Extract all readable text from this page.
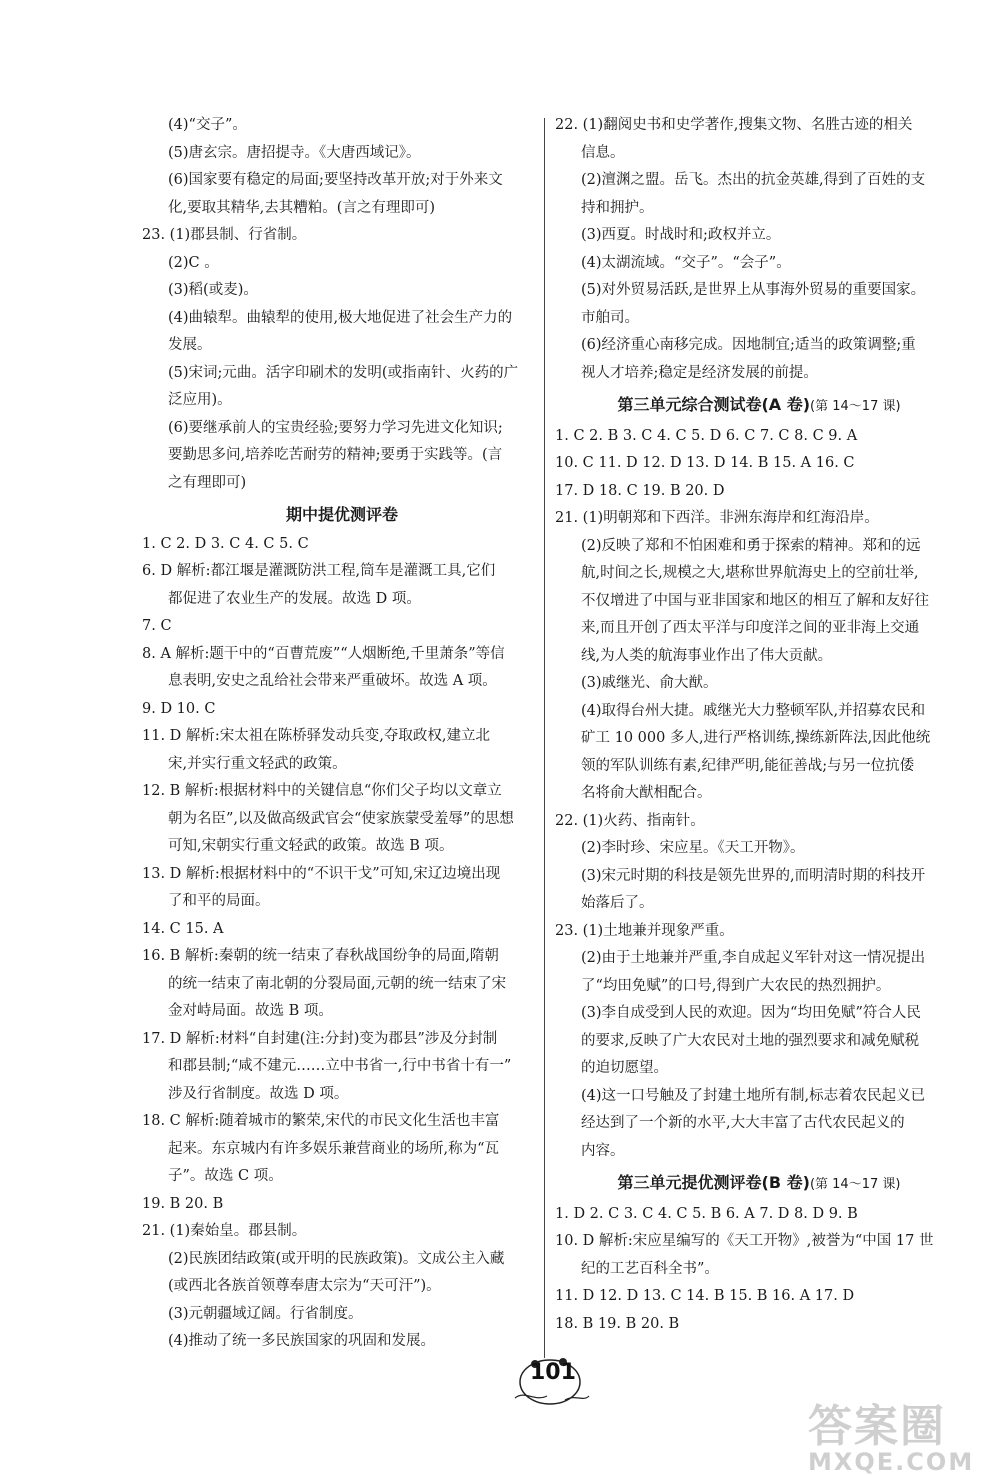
(4)“交子”。
(5)唐玄宗。唐招提寺。《大唐西域记》。
(6)国家要有稳定的局面;要坚持改革开放;对于外来文
化,要取其精华,去其糟粕。(言之有理即可)
23. (1)郡县制、行省制。
(2)C 。
(3)稻(或麦)。
(4)曲辕犁。曲辕犁的使用,极大地促进了社会生产力的
发展。
(5)宋词;元曲。活字印刷术的发明(或指南针、火药的广
泛应用)。
(6)要继承前人的宝贵经验;要努力学习先进文化知识;
要勤思多问,培养吃苦耐劳的精神;要勇于实践等。(言
之有理即可)
期中提优测评卷
1. C 2. D 3. C 4. C 5. C
6. D 解析:都江堰是灌溉防洪工程,筒车是灌溉工具,它们
都促进了农业生产的发展。故选 D 项。
7. C
8. A 解析:题干中的“百曹荒废”“人烟断绝,千里萧条”等信
息表明,安史之乱给社会带来严重破坏。故选 A 项。
9. D 10. C
11. D 解析:宋太祖在陈桥驿发动兵变,夺取政权,建立北
宋,并实行重文轻武的政策。
12. B 解析:根据材料中的关键信息“你们父子均以文章立
朝为名臣”,以及做高级武官会“使家族蒙受羞辱”的思想
可知,宋朝实行重文轻武的政策。故选 B 项。
13. D 解析:根据材料中的“不识干戈”可知,宋辽边境出现
了和平的局面。
14. C 15. A
16. B 解析:秦朝的统一结束了春秋战国纷争的局面,隋朝
的统一结束了南北朝的分裂局面,元朝的统一结束了宋
金对峙局面。故选 B 项。
17. D 解析:材料“自封建(注:分封)变为郡县”涉及分封制
和郡县制;“咸不建元……立中书省一,行中书省十有一”
涉及行省制度。故选 D 项。
18. C 解析:随着城市的繁荣,宋代的市民文化生活也丰富
起来。东京城内有许多娱乐兼营商业的场所,称为“瓦
子”。故选 C 项。
19. B 20. B
21. (1)秦始皇。郡县制。
(2)民族团结政策(或开明的民族政策)。文成公主入藏
(或西北各族首领尊奉唐太宗为“天可汗”)。
(3)元朝疆域辽阔。行省制度。
(4)推动了统一多民族国家的巩固和发展。
22. (1)翻阅史书和史学著作,搜集文物、名胜古迹的相关
信息。
(2)澶渊之盟。岳飞。杰出的抗金英雄,得到了百姓的支
持和拥护。
(3)西夏。时战时和;政权并立。
(4)太湖流域。“交子”。“会子”。
(5)对外贸易活跃,是世界上从事海外贸易的重要国家。
市舶司。
(6)经济重心南移完成。因地制宜;适当的政策调整;重
视人才培养;稳定是经济发展的前提。
第三单元综合测试卷(A 卷)(第 14～17 课)
1. C 2. B 3. C 4. C 5. D 6. C 7. C 8. C 9. A
10. C 11. D 12. D 13. D 14. B 15. A 16. C
17. D 18. C 19. B 20. D
21. (1)明朝郑和下西洋。非洲东海岸和红海沿岸。
(2)反映了郑和不怕困难和勇于探索的精神。郑和的远
航,时间之长,规模之大,堪称世界航海史上的空前壮举,
不仅增进了中国与亚非国家和地区的相互了解和友好往
来,而且开创了西太平洋与印度洋之间的亚非海上交通
线,为人类的航海事业作出了伟大贡献。
(3)戚继光、俞大猷。
(4)取得台州大捷。戚继光大力整顿军队,并招募农民和
矿工 10 000 多人,进行严格训练,操练新阵法,因此他统
领的军队训练有素,纪律严明,能征善战;与另一位抗倭
名将俞大猷相配合。
22. (1)火药、指南针。
(2)李时珍、宋应星。《天工开物》。
(3)宋元时期的科技是领先世界的,而明清时期的科技开
始落后了。
23. (1)土地兼并现象严重。
(2)由于土地兼并严重,李自成起义军针对这一情况提出
了“均田免赋”的口号,得到广大农民的热烈拥护。
(3)李自成受到人民的欢迎。因为“均田免赋”符合人民
的要求,反映了广大农民对土地的强烈要求和减免赋税
的迫切愿望。
(4)这一口号触及了封建土地所有制,标志着农民起义已
经达到了一个新的水平,大大丰富了古代农民起义的
内容。
第三单元提优测评卷(B 卷)(第 14～17 课)
1. D 2. C 3. C 4. C 5. B 6. A 7. D 8. D 9. B
10. D 解析:宋应星编写的《天工开物》,被誉为“中国 17 世
纪的工艺百科全书”。
11. D 12. D 13. C 14. B 15. B 16. A 17. D
18. B 19. B 20. B
101
答案圈
MXQE.COM
